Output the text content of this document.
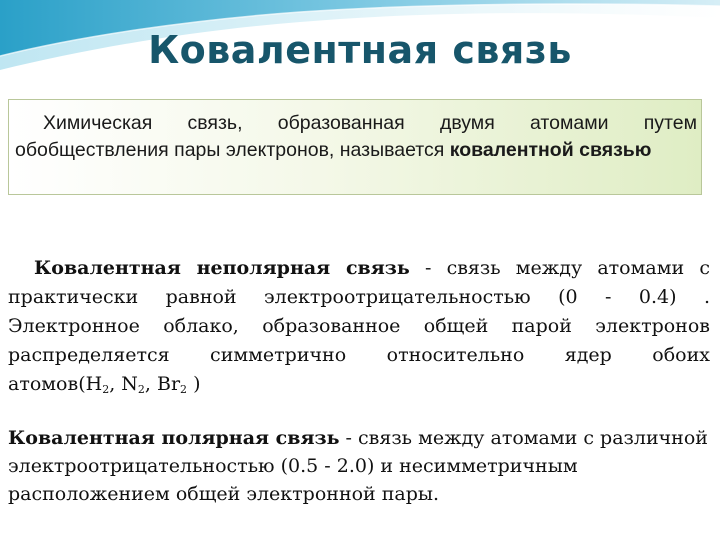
Ковалентная связь
Химическая связь, образованная двумя атомами путем обобществления пары электронов, называется ковалентной связью
Ковалентная неполярная связь - связь между атомами с практически равной электроотрицательностью (0 - 0.4) . Электронное облако, образованное общей парой электронов распределяется симметрично относительно ядер обоих $атомов(H_2$, $N_2$, $Br_2$ )
Ковалентная полярная связь - связь между атомами с различной электроотрицательностью (0.5 - 2.0) и несимметричным расположением общей электронной пары.
